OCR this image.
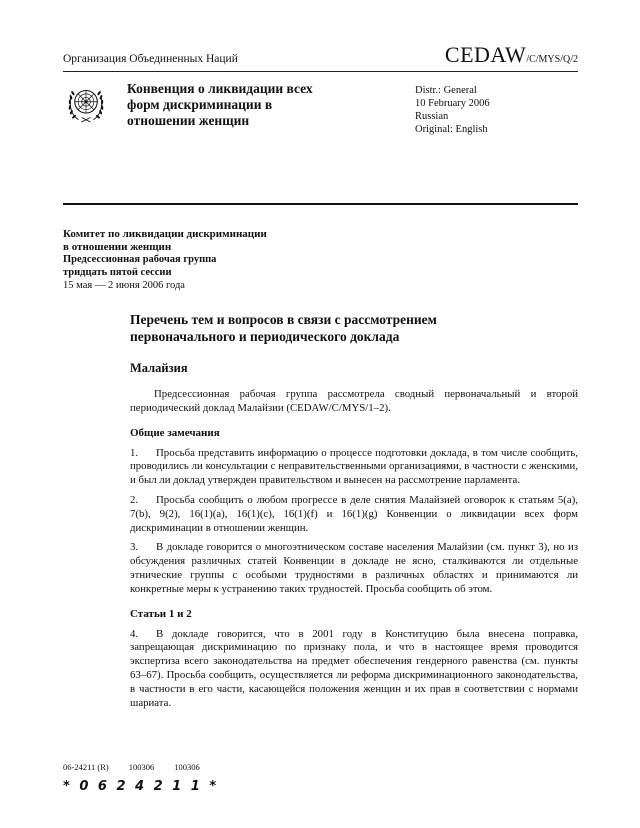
Организация Объединенных Наций	CEDAW/C/MYS/Q/2
Конвенция о ликвидации всех форм дискриминации в отношении женщин
Distr.: General
10 February 2006
Russian
Original: English
Комитет по ликвидации дискриминации
в отношении женщин
Предсессионная рабочая группа
тридцать пятой сессии
15 мая — 2 июня 2006 года
Перечень тем и вопросов в связи с рассмотрением первоначального и периодического доклада
Малайзия

Предсессионная рабочая группа рассмотрела сводный первоначальный и второй периодический доклад Малайзии (CEDAW/C/MYS/1–2).

Общие замечания

1. Просьба представить информацию о процессе подготовки доклада, в том числе сообщить, проводились ли консультации с неправительственными организациями, в частности с женскими, и был ли доклад утвержден правительством и вынесен на рассмотрение парламента.

2. Просьба сообщить о любом прогрессе в деле снятия Малайзией оговорок к статьям 5(a), 7(b), 9(2), 16(1)(a), 16(1)(c), 16(1)(f) и 16(1)(g) Конвенции о ликвидации всех форм дискриминации в отношении женщин.

3. В докладе говорится о многоэтническом составе населения Малайзии (см. пункт 3), но из обсуждения различных статей Конвенции в докладе не ясно, сталкиваются ли отдельные этнические группы с особыми трудностями в различных областях и принимаются ли конкретные меры к устранению таких трудностей. Просьба сообщить об этом.

Статьи 1 и 2

4. В докладе говорится, что в 2001 году в Конституцию была внесена поправка, запрещающая дискриминацию по признаку пола, и что в настоящее время проводится экспертиза всего законодательства на предмет обеспечения гендерного равенства (см. пункты 63–67). Просьба сообщить, осуществляется ли реформа дискриминационного законодательства, в частности в его части, касающейся положения женщин и их прав в соответствии с нормами шариата.

06-24211 (R) 100306 100306
* 0 6 2 4 2 1 1 *
